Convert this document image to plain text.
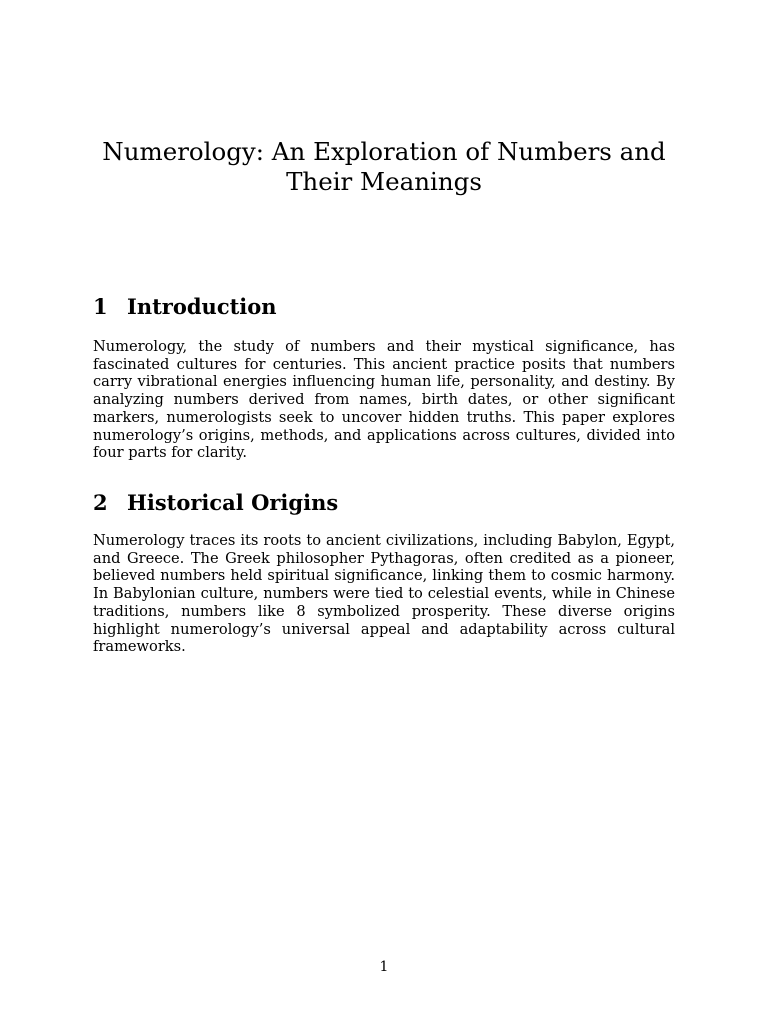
Numerology: An Exploration of Numbers and Their Meanings
1 Introduction

Numerology, the study of numbers and their mystical significance, has fascinated cultures for centuries. This ancient practice posits that numbers carry vibrational energies influencing human life, personality, and destiny. By analyzing numbers derived from names, birth dates, or other significant markers, numerologists seek to uncover hidden truths. This paper explores numerology’s origins, methods, and applications across cultures, divided into four parts for clarity.

2 Historical Origins

Numerology traces its roots to ancient civilizations, including Babylon, Egypt, and Greece. The Greek philosopher Pythagoras, often credited as a pioneer, believed numbers held spiritual significance, linking them to cosmic harmony. In Babylonian culture, numbers were tied to celestial events, while in Chinese traditions, numbers like 8 symbolized prosperity. These diverse origins highlight numerology’s universal appeal and adaptability across cultural frameworks.

1
